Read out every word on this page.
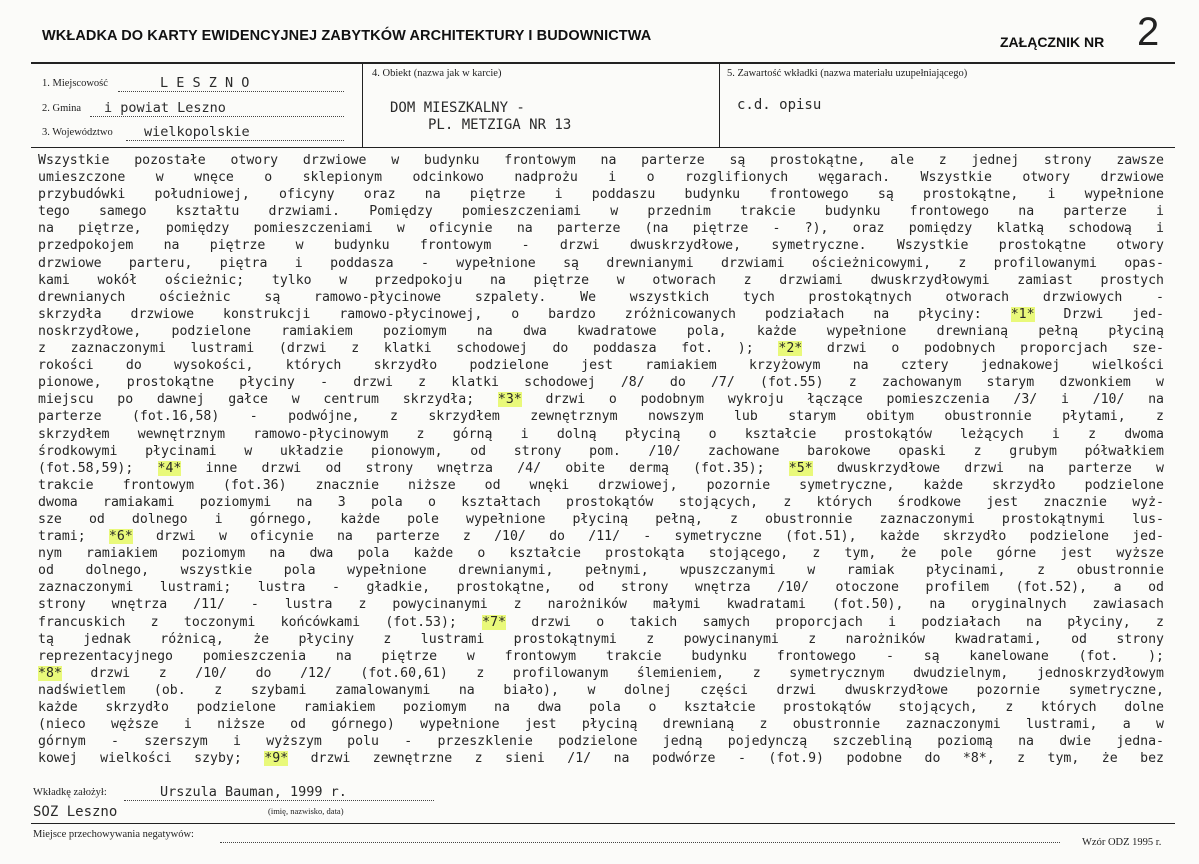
WKŁADKA DO KARTY EWIDENCYJNEJ ZABYTKÓW ARCHITEKTURY I BUDOWNICTWA	ZAŁĄCZNIK NR 2
1. Miejscowość	L E S Z N O
2. Gmina i powiat Leszno
3. Województwo wielkopolskie
4. Obiekt (nazwa jak w karcie)
DOM MIESZKALNY -
PL. METZIGA NR 13
5. Zawartość wkładki (nazwa materiału uzupełniającego)
c.d. opisu
Wszystkie pozostałe otwory drzwiowe w budynku frontowym na parterze są prostokątne, ale z jednej strony zawsze
umieszczone w wnęce o sklepionym odcinkowo nadprożu i o rozglifionych węgarach. Wszystkie otwory drzwiowe
przybudówki południowej, oficyny oraz na piętrze i poddaszu budynku frontowego są prostokątne, i wypełnione
tego samego kształtu drzwiami. Pomiędzy pomieszczeniami w przednim trakcie budynku frontowego na parterze i
na piętrze, pomiędzy pomieszczeniami w oficynie na parterze (na piętrze - ?), oraz pomiędzy klatką schodową i
przedpokojem na piętrze w budynku frontowym - drzwi dwuskrzydłowe, symetryczne. Wszystkie prostokątne otwory
drzwiowe parteru, piętra i poddasza - wypełnione są drewnianymi drzwiami ościeżnicowymi, z profilowanymi opas-
kami wokół ościeżnic; tylko w przedpokoju na piętrze w otworach z drzwiami dwuskrzydłowymi zamiast prostych
drewnianych ościeżnic są ramowo-płycinowe szpalety. We wszystkich tych prostokątnych otworach drzwiowych -
skrzydła drzwiowe konstrukcji ramowo-płycinowej, o bardzo zróżnicowanych podziałach na płyciny: *1* Drzwi jed-
noskrzydłowe, podzielone ramiakiem poziomym na dwa kwadratowe pola, każde wypełnione drewnianą pełną płyciną
z zaznaczonymi lustrami (drzwi z klatki schodowej do poddasza fot. ); *2* drzwi o podobnych proporcjach sze-
rokości do wysokości, których skrzydło podzielone jest ramiakiem krzyżowym na cztery jednakowej wielkości
pionowe, prostokątne płyciny - drzwi z klatki schodowej /8/ do /7/ (fot.55) z zachowanym starym dzwonkiem w
miejscu po dawnej gałce w centrum skrzydła; *3* drzwi o podobnym wykroju łączące pomieszczenia /3/ i /10/ na
parterze (fot.16,58) - podwójne, z skrzydłem zewnętrznym nowszym lub starym obitym obustronnie płytami, z
skrzydłem wewnętrznym ramowo-płycinowym z górną i dolną płyciną o kształcie prostokątów leżących i z dwoma
środkowymi płycinami w układzie pionowym, od strony pom. /10/ zachowane barokowe opaski z grubym półwałkiem
(fot.58,59); *4* inne drzwi od strony wnętrza /4/ obite dermą (fot.35); *5* dwuskrzydłowe drzwi na parterze w
trakcie frontowym (fot.36) znacznie niższe od wnęki drzwiowej, pozornie symetryczne, każde skrzydło podzielone
dwoma ramiakami poziomymi na 3 pola o kształtach prostokątów stojących, z których środkowe jest znacznie wyż-
sze od dolnego i górnego, każde pole wypełnione płyciną pełną, z obustronnie zaznaczonymi prostokątnymi lus-
trami; *6* drzwi w oficynie na parterze z /10/ do /11/ - symetryczne (fot.51), każde skrzydło podzielone jed-
nym ramiakiem poziomym na dwa pola każde o kształcie prostokąta stojącego, z tym, że pole górne jest wyższe
od dolnego, wszystkie pola wypełnione drewnianymi, pełnymi, wpuszczanymi w ramiak płycinami, z obustronnie
zaznaczonymi lustrami; lustra - gładkie, prostokątne, od strony wnętrza /10/ otoczone profilem (fot.52), a od
strony wnętrza /11/ - lustra z powycinanymi z narożników małymi kwadratami (fot.50), na oryginalnych zawiasach
francuskich z toczonymi końcówkami (fot.53); *7* drzwi o takich samych proporcjach i podziałach na płyciny, z
tą jednak różnicą, że płyciny z lustrami prostokątnymi z powycinanymi z narożników kwadratami, od strony
reprezentacyjnego pomieszczenia na piętrze w frontowym trakcie budynku frontowego - są kanelowane (fot. );
*8* drzwi z /10/ do /12/ (fot.60,61) z profilowanym ślemieniem, z symetrycznym dwudzielnym, jednoskrzydłowym
nadświetlem (ob. z szybami zamalowanymi na biało), w dolnej części drzwi dwuskrzydłowe pozornie symetryczne,
każde skrzydło podzielone ramiakiem poziomym na dwa pola o kształcie prostokątów stojących, z których dolne
(nieco węższe i niższe od górnego) wypełnione jest płyciną drewnianą z obustronnie zaznaczonymi lustrami, a w
górnym - szerszym i wyższym polu - przeszklenie podzielone jedną pojedynczą szczebliną poziomą na dwie jedna-
kowej wielkości szyby; *9* drzwi zewnętrzne z sieni /1/ na podwórze - (fot.9) podobne do *8*, z tym, że bez
Wkładkę założył:	Urszula Bauman, 1999 r.
SOZ Leszno	(imię, nazwisko, data)
Miejsce przechowywania negatywów:
Wzór ODZ 1995 r.
